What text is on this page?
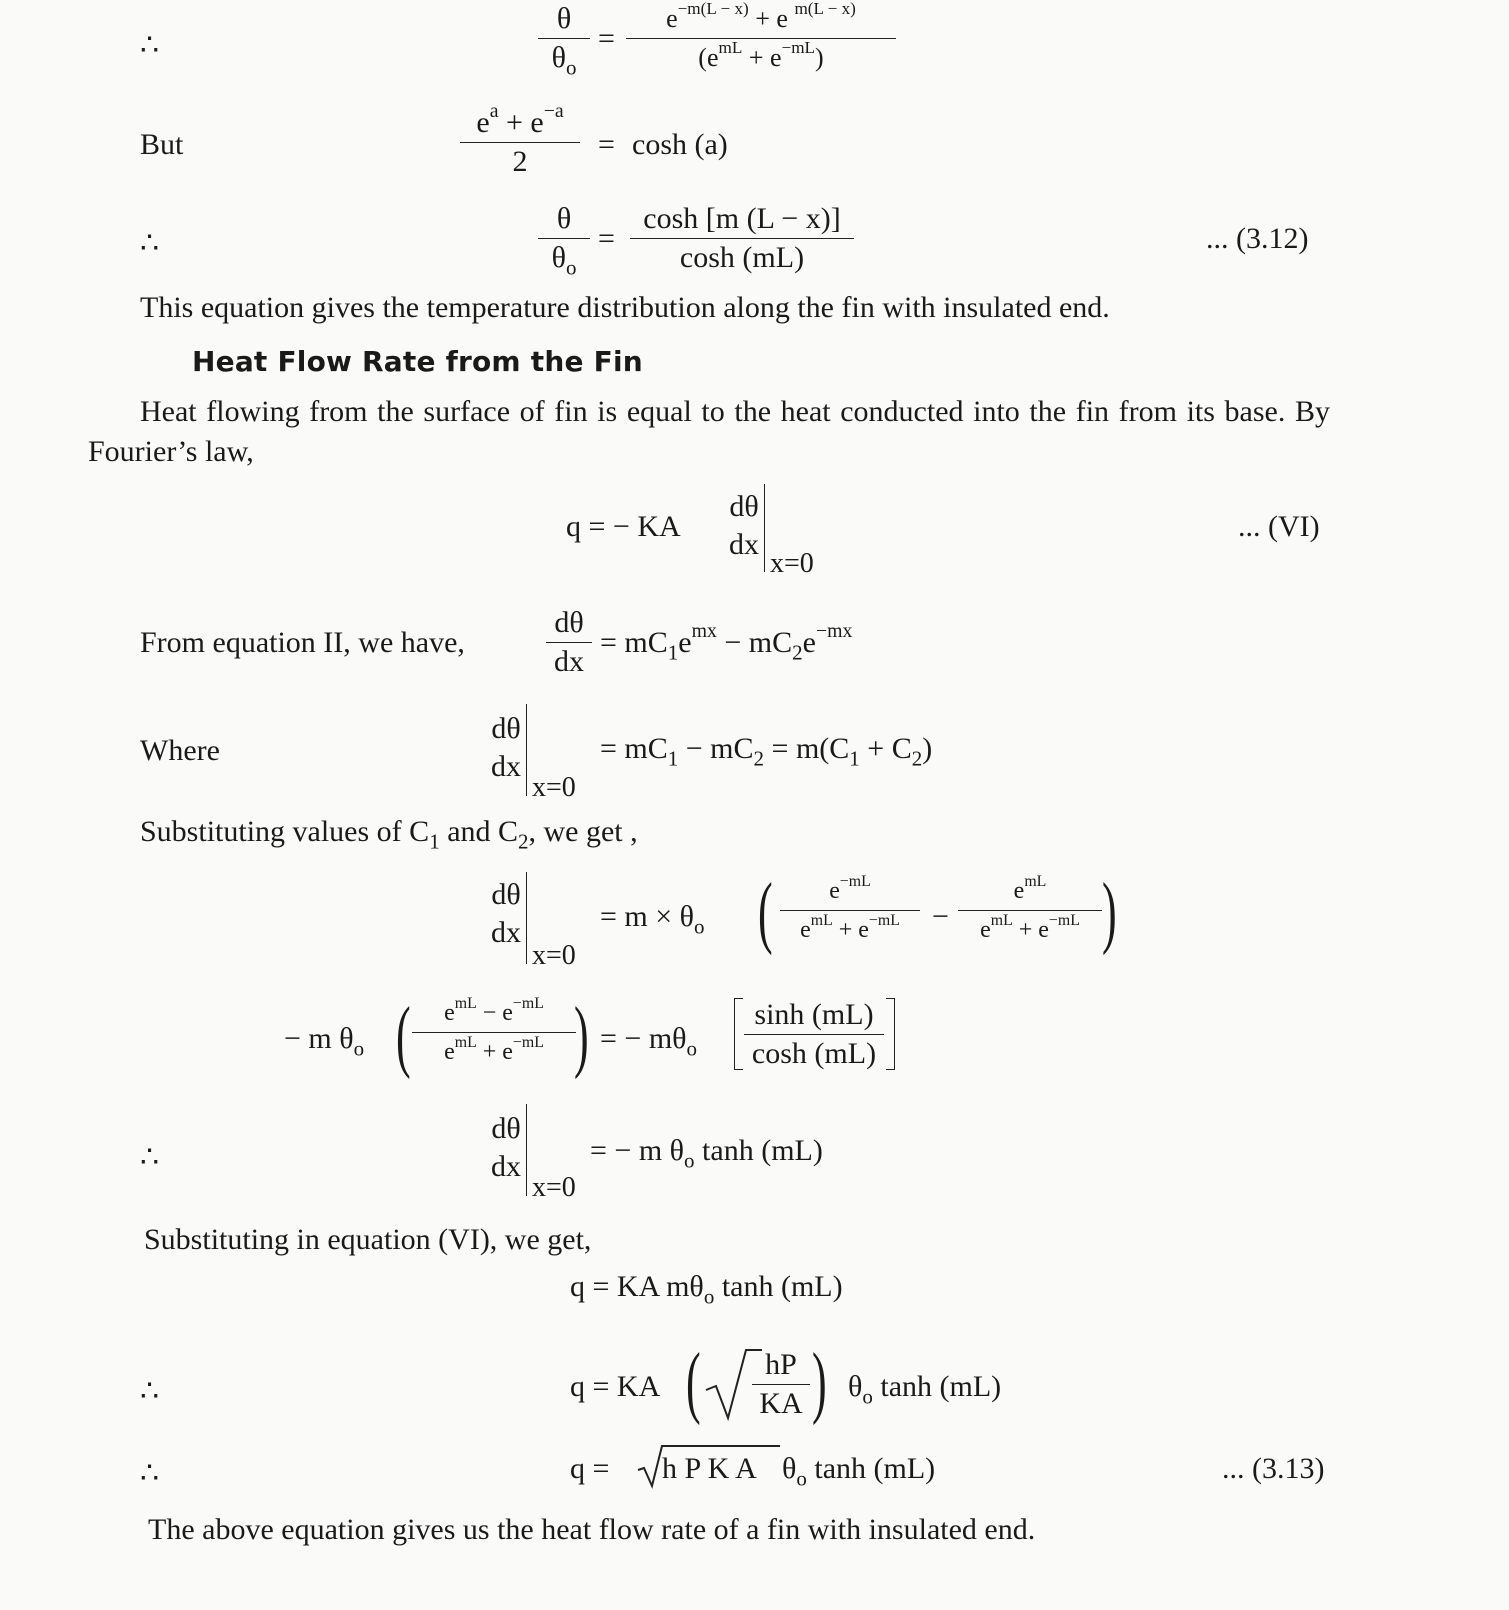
∴	$\frac{\theta}{\theta_o}$ =
$e^{-m(L - x)} + e$ $^{m(L - x)}$
$(e^{mL} + e^{-mL})$
But	$\frac{e^a + e^{-a}}{2} = \cosh (a)$
∴	$\frac{\theta}{\theta_o} = \frac{\cosh [m (L - x)]}{\cosh (mL)}$	... (3.12)
This equation gives the temperature distribution along the fin with insulated end.
Heat Flow Rate from the Fin
Heat flowing from the surface of fin is equal to the heat conducted into the fin from its base. By Fourier’s law,
q = − KA
dθ
dx
x=0
... (VI)
From equation II, we have,	$\frac{d\theta}{dx} = mC_1e^{mx} - mC_2e^{-mx}$
Where
dθ
dx
x=0
= $mC_1 - mC_2 = m(C_1 + C_2)$
Substituting values of $C_1$ and $C_2$, we get ,
dθ
dx
x=0
= $m \times \theta_o$ (	$e^{-mL}$
$e^{mL} + e^{-mL}$	−
$e^{mL}$
$e^{mL} + e^{-mL}$ )
− m $\theta_o$ (	$e^{mL} - e^{-mL}$
$e^{mL} + e^{-mL}$ ) = − $m\theta_o \frac{\sinh (mL)}{\cosh (mL)}$
∴
dθ
dx
x=0
= − m $\theta_o$ tanh (mL)
Substituting in equation (VI), we get,
q = KA $m\theta_o$ tanh (mL)
∴	q = KA ( $\frac{hP}{KA}$ ) $\theta_o$ tanh (mL)
∴	q = h P K A $\theta_o$ tanh (mL)	... (3.13)
The above equation gives us the heat flow rate of a fin with insulated end.
